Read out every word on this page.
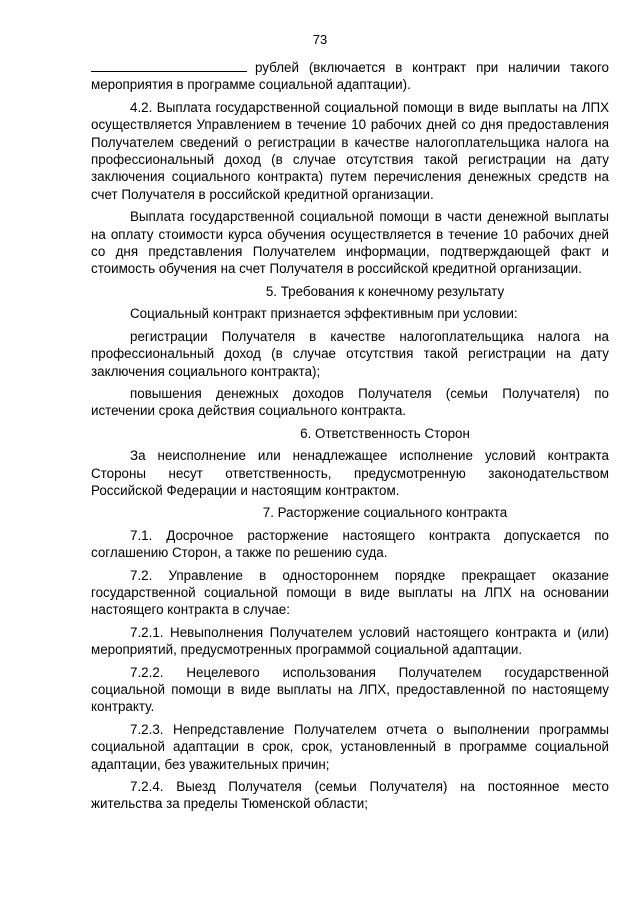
73

рублей (включается в контракт при наличии такого мероприятия в программе социальной адаптации).

4.2. Выплата государственной социальной помощи в виде выплаты на ЛПХ осуществляется Управлением в течение 10 рабочих дней со дня предоставления Получателем сведений о регистрации в качестве налогоплательщика налога на профессиональный доход (в случае отсутствия такой регистрации на дату заключения социального контракта) путем перечисления денежных средств на счет Получателя в российской кредитной организации.

Выплата государственной социальной помощи в части денежной выплаты на оплату стоимости курса обучения осуществляется в течение 10 рабочих дней со дня представления Получателем информации, подтверждающей факт и стоимость обучения на счет Получателя в российской кредитной организации.

5. Требования к конечному результату

Социальный контракт признается эффективным при условии:

регистрации Получателя в качестве налогоплательщика налога на профессиональный доход (в случае отсутствия такой регистрации на дату заключения социального контракта);

повышения денежных доходов Получателя (семьи Получателя) по истечении срока действия социального контракта.

6. Ответственность Сторон

За неисполнение или ненадлежащее исполнение условий контракта Стороны несут ответственность, предусмотренную законодательством Российской Федерации и настоящим контрактом.

7. Расторжение социального контракта

7.1. Досрочное расторжение настоящего контракта допускается по соглашению Сторон, а также по решению суда.

7.2. Управление в одностороннем порядке прекращает оказание государственной социальной помощи в виде выплаты на ЛПХ на основании настоящего контракта в случае:

7.2.1. Невыполнения Получателем условий настоящего контракта и (или) мероприятий, предусмотренных программой социальной адаптации.

7.2.2. Нецелевого использования Получателем государственной социальной помощи в виде выплаты на ЛПХ, предоставленной по настоящему контракту.

7.2.3. Непредставление Получателем отчета о выполнении программы социальной адаптации в срок, срок, установленный в программе социальной адаптации, без уважительных причин;

7.2.4. Выезд Получателя (семьи Получателя) на постоянное место жительства за пределы Тюменской области;
